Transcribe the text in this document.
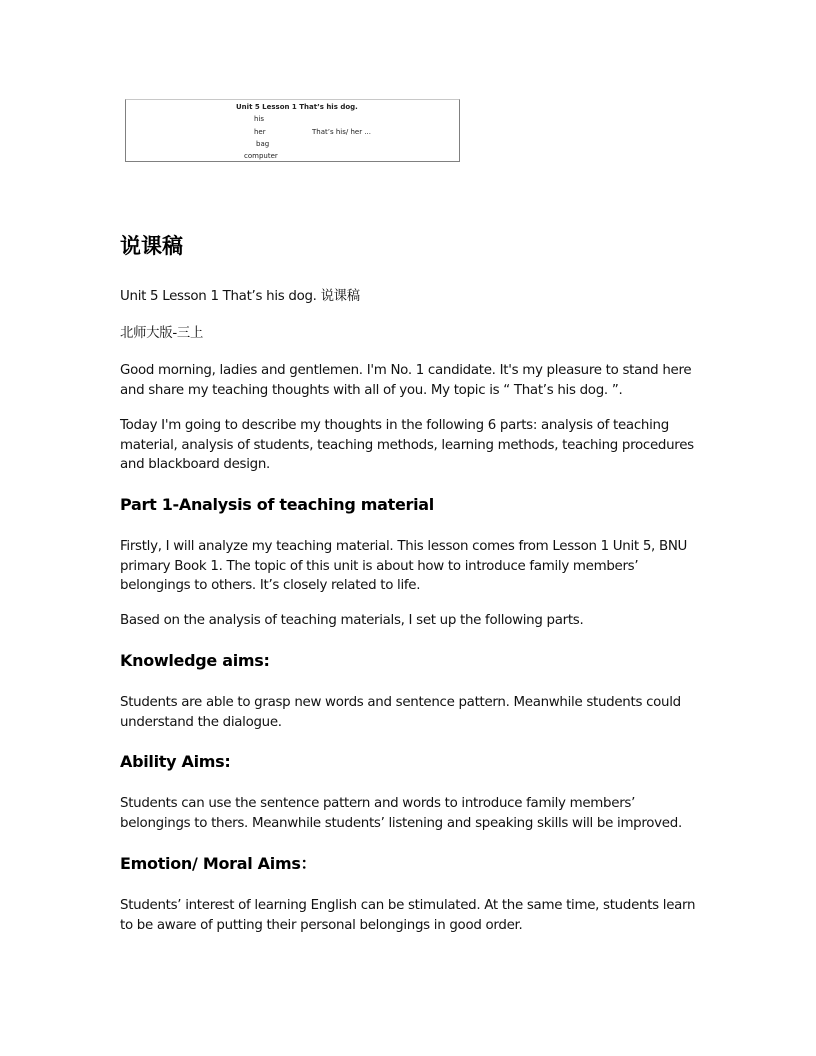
Unit 5 Lesson 1 That’s his dog.
his
her
bag
computer
That’s his/ her ...
说课稿
Unit 5 Lesson 1 That’s his dog. 说课稿
北师大版-三上
Good morning, ladies and gentlemen. I'm No. 1 candidate. It's my pleasure to stand here and share my teaching thoughts with all of you. My topic is “ That’s his dog. ”.
Today I'm going to describe my thoughts in the following 6 parts: analysis of teaching material, analysis of students, teaching methods, learning methods, teaching procedures and blackboard design.
Part 1-Analysis of teaching material
Firstly, I will analyze my teaching material. This lesson comes from Lesson 1 Unit 5, BNU primary Book 1. The topic of this unit is about how to introduce family members’ belongings to others. It’s closely related to life.
Based on the analysis of teaching materials, I set up the following parts.
Knowledge aims:
Students are able to grasp new words and sentence pattern. Meanwhile students could understand the dialogue.
Ability Aims:
Students can use the sentence pattern and words to introduce family members’ belongings to thers. Meanwhile students’ listening and speaking skills will be improved.
Emotion/ Moral Aims：
Students’ interest of learning English can be stimulated. At the same time, students learn to be aware of putting their personal belongings in good order.
